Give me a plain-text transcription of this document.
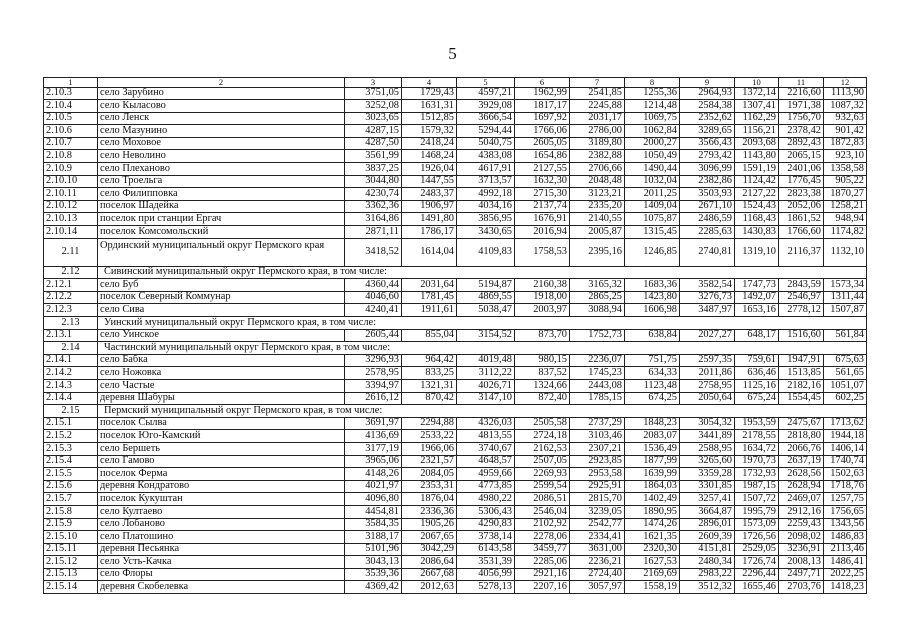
5
1	2	3	4	5	6	7	8	9	10	11	12
2.10.3	село Зарубино	3751,05	1729,43	4597,21	1962,99	2541,85	1255,36	2964,93	1372,14	2216,60	1113,90
2.10.4	село Кыласово	3252,08	1631,31	3929,08	1817,17	2245,88	1214,48	2584,38	1307,41	1971,38	1087,32
2.10.5	село Ленск	3023,65	1512,85	3666,54	1697,92	2031,17	1069,75	2352,62	1162,29	1756,70	932,63
2.10.6	село Мазунино	4287,15	1579,32	5294,44	1766,06	2786,00	1062,84	3289,65	1156,21	2378,42	901,42
2.10.7	село Моховое	4287,50	2418,24	5040,75	2605,05	3189,80	2000,27	3566,43	2093,68	2892,43	1872,83
2.10.8	село Неволино	3561,99	1468,24	4383,08	1654,86	2382,88	1050,49	2793,42	1143,80	2065,15	923,10
2.10.9	село Плеханово	3837,25	1926,04	4617,91	2127,55	2706,66	1490,44	3096,99	1591,19	2401,06	1358,58
2.10.10	село Троельга	3044,80	1447,55	3713,57	1632,30	2048,48	1032,04	2382,86	1124,42	1776,45	905,22
2.10.11	село Филипповка	4230,74	2483,37	4992,18	2715,30	3123,21	2011,25	3503,93	2127,22	2823,38	1870,27
2.10.12	поселок Шадейка	3362,36	1906,97	4034,16	2137,74	2335,20	1409,04	2671,10	1524,43	2052,06	1258,21
2.10.13	поселок при станции Ергач	3164,86	1491,80	3856,95	1676,91	2140,55	1075,87	2486,59	1168,43	1861,52	948,94
2.10.14	поселок Комсомольский	2871,11	1786,17	3430,65	2016,94	2005,87	1315,45	2285,63	1430,83	1766,60	1174,82
2.11	Ординский муниципальный округ Пермского края	3418,52	1614,04	4109,83	1758,53	2395,16	1246,85	2740,81	1319,10	2116,37	1132,10
2.12	Сивинский муниципальный округ Пермского края, в том числе:										
2.12.1	село Буб	4360,44	2031,64	5194,87	2160,38	3165,32	1683,36	3582,54	1747,73	2843,59	1573,34
2.12.2	поселок Северный Коммунар	4046,60	1781,45	4869,55	1918,00	2865,25	1423,80	3276,73	1492,07	2546,97	1311,44
2.12.3	село Сива	4240,41	1911,61	5038,47	2003,97	3088,94	1606,98	3487,97	1653,16	2778,12	1507,87
2.13	Уинский муниципальный округ Пермского края, в том числе:										
2.13.1	село Уинское	2605,44	855,04	3154,52	873,70	1752,73	638,84	2027,27	648,17	1516,60	561,84
2.14	Частинский муниципальный округ Пермского края, в том числе:										
2.14.1	село Бабка	3296,93	964,42	4019,48	980,15	2236,07	751,75	2597,35	759,61	1947,91	675,63
2.14.2	село Ножовка	2578,95	833,25	3112,22	837,52	1745,23	634,33	2011,86	636,46	1513,85	561,65
2.14.3	село Частые	3394,97	1321,31	4026,71	1324,66	2443,08	1123,48	2758,95	1125,16	2182,16	1051,07
2.14.4	деревня Шабуры	2616,12	870,42	3147,10	872,40	1785,15	674,25	2050,64	675,24	1554,45	602,25
2.15	Пермский муниципальный округ Пермского края, в том числе:										
2.15.1	поселок Сылва	3691,97	2294,88	4326,03	2505,58	2737,29	1848,23	3054,32	1953,59	2475,67	1713,62
2.15.2	поселок Юго-Камский	4136,69	2533,22	4813,55	2724,18	3103,46	2083,07	3441,89	2178,55	2818,80	1944,18
2.15.3	село Бершеть	3177,19	1966,06	3740,67	2162,53	2307,21	1536,49	2588,95	1634,72	2066,76	1406,14
2.15.4	село Гамово	3965,06	2321,57	4648,57	2507,05	2923,85	1877,99	3265,60	1970,73	2637,19	1740,74
2.15.5	поселок Ферма	4148,26	2084,05	4959,66	2269,93	2953,58	1639,99	3359,28	1732,93	2628,56	1502,63
2.15.6	деревня Кондратово	4021,97	2353,31	4773,85	2599,54	2925,91	1864,03	3301,85	1987,15	2628,94	1718,76
2.15.7	поселок Кукуштан	4096,80	1876,04	4980,22	2086,51	2815,70	1402,49	3257,41	1507,72	2469,07	1257,75
2.15.8	село Култаево	4454,81	2336,36	5306,43	2546,04	3239,05	1890,95	3664,87	1995,79	2912,16	1756,65
2.15.9	село Лобаново	3584,35	1905,26	4290,83	2102,92	2542,77	1474,26	2896,01	1573,09	2259,43	1343,56
2.15.10	село Платошино	3188,17	2067,65	3738,14	2278,06	2334,41	1621,35	2609,39	1726,56	2098,02	1486,83
2.15.11	деревня Песьянка	5101,96	3042,29	6143,58	3459,77	3631,00	2320,30	4151,81	2529,05	3236,91	2113,46
2.15.12	село Усть-Качка	3043,13	2086,64	3531,39	2285,06	2236,21	1627,53	2480,34	1726,74	2008,13	1486,41
2.15.13	село Флоры	3539,36	2667,68	4056,99	2921,16	2724,40	2169,69	2983,22	2296,44	2497,71	2022,25
2.15.14	деревня Скобелевка	4369,42	2012,63	5278,13	2207,16	3057,97	1558,19	3512,32	1655,46	2703,76	1418,23
